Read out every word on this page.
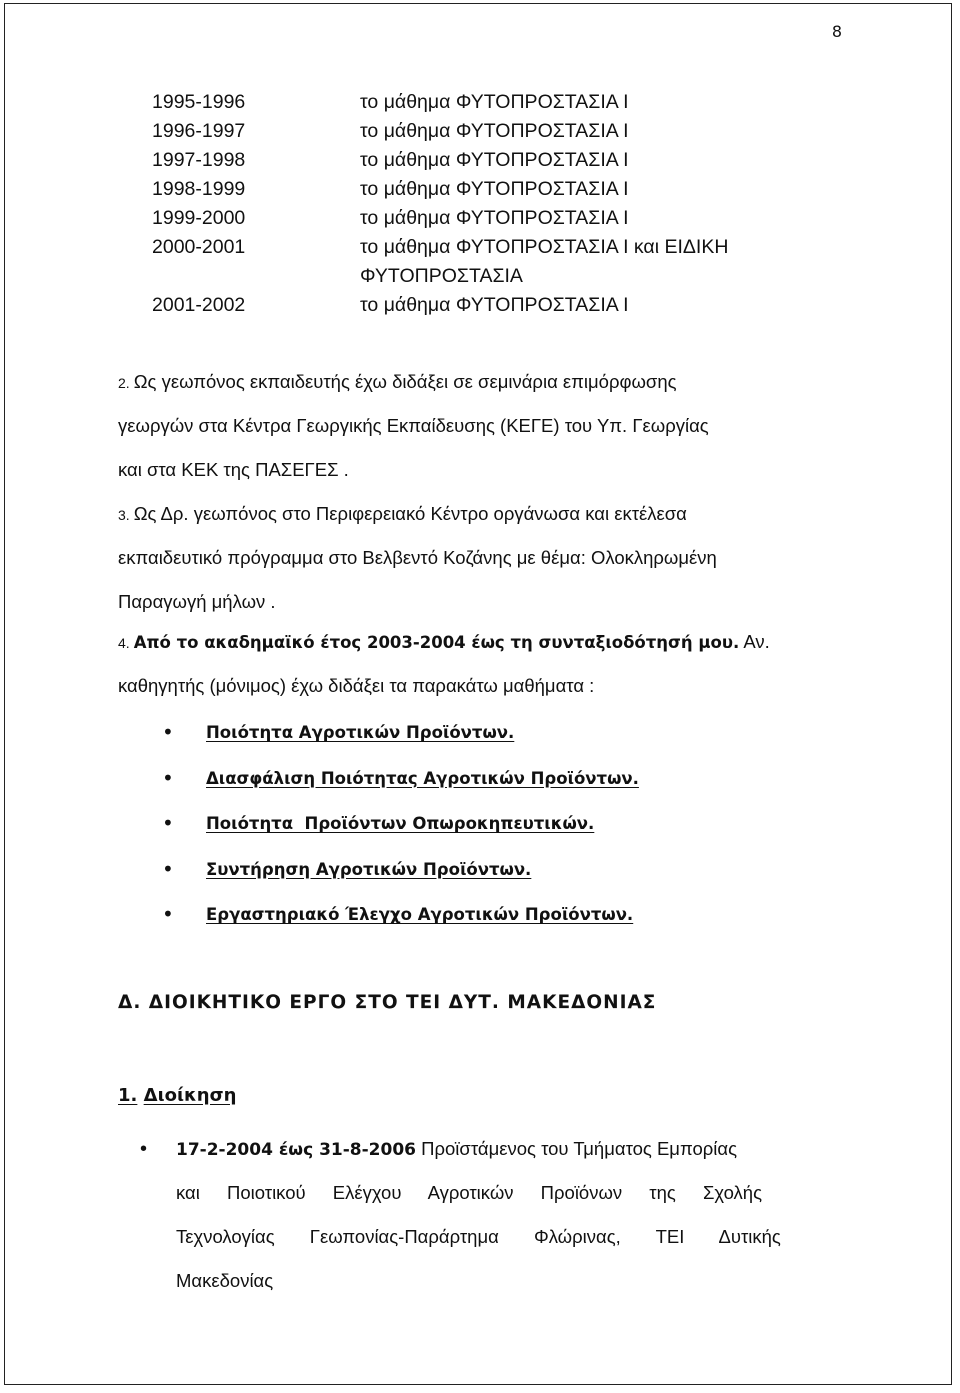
8
1995-1996	το μάθημα ΦΥΤΟΠΡΟΣΤΑΣΙΑ Ι
1996-1997	το μάθημα ΦΥΤΟΠΡΟΣΤΑΣΙΑ Ι
1997-1998	το μάθημα ΦΥΤΟΠΡΟΣΤΑΣΙΑ Ι
1998-1999	το μάθημα ΦΥΤΟΠΡΟΣΤΑΣΙΑ Ι
1999-2000	το μάθημα ΦΥΤΟΠΡΟΣΤΑΣΙΑ Ι
2000-2001	το μάθημα ΦΥΤΟΠΡΟΣΤΑΣΙΑ Ι και ΕΙΔΙΚΗ
ΦΥΤΟΠΡΟΣΤΑΣΙΑ
2001-2002	το μάθημα ΦΥΤΟΠΡΟΣΤΑΣΙΑ Ι
2. Ως γεωπόνος εκπαιδευτής έχω διδάξει σε σεμινάρια επιμόρφωσης
γεωργών στα Κέντρα Γεωργικής Εκπαίδευσης (ΚΕΓΕ) του Υπ. Γεωργίας
και στα ΚΕΚ της ΠΑΣΕΓΕΣ .
3. Ως Δρ. γεωπόνος στο Περιφερειακό Κέντρο οργάνωσα και εκτέλεσα
εκπαιδευτικό πρόγραμμα στο Βελβεντό Κοζάνης με θέμα: Ολοκληρωμένη
Παραγωγή μήλων .
4. Από το ακαδημαϊκό έτος 2003-2004 έως τη συνταξιοδότησή μου. Αν.
καθηγητής (μόνιμος) έχω διδάξει τα παρακάτω μαθήματα :
• Ποιότητα Αγροτικών Προϊόντων.
• Διασφάλιση Ποιότητας Αγροτικών Προϊόντων.
• Ποιότητα  Προϊόντων Οπωροκηπευτικών.
• Συντήρηση Αγροτικών Προϊόντων.
• Εργαστηριακό Έλεγχο Αγροτικών Προϊόντων.
Δ. ΔΙΟΙΚΗΤΙΚΟ ΕΡΓΟ ΣΤΟ ΤΕΙ ΔΥΤ. ΜΑΚΕΔΟΝΙΑΣ
1. Διοίκηση
•	17-2-2004 έως 31-8-2006 Προϊστάμενος του Τμήματος Εμπορίας
και Ποιοτικού Ελέγχου Αγροτικών Προϊόνων της Σχολής
Τεχνολογίας Γεωπονίας-Παράρτημα Φλώρινας, ΤΕΙ Δυτικής
Μακεδονίας
